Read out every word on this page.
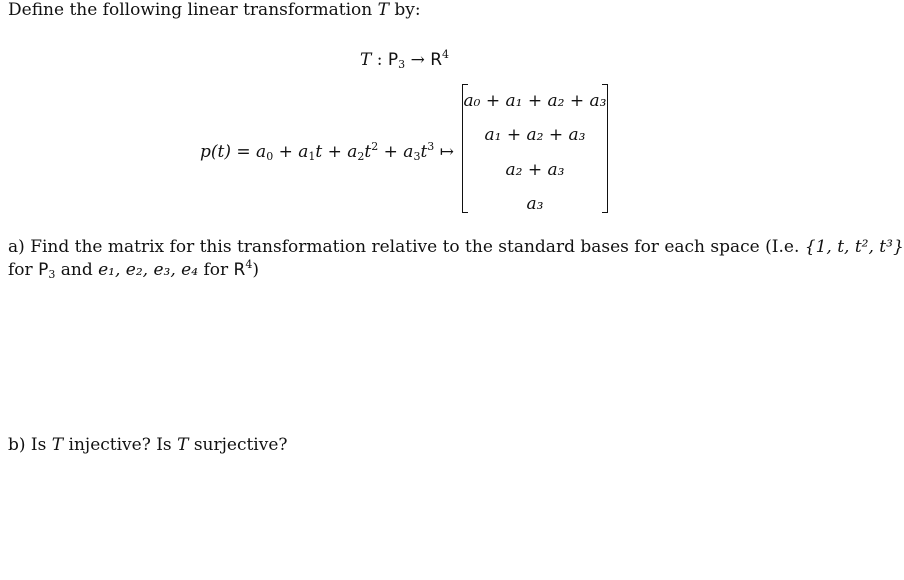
Define the following linear transformation T by:
T : $P_3 \to R^4$
$p(t) = a_0 + a_1t + a_2t^2 + a_3t^3$ ↦
a₀ + a₁ + a₂ + a₃
a₁ + a₂ + a₃
a₂ + a₃
a₃
a) Find the matrix for this transformation relative to the standard bases for each space (I.e. {1, t, t², t³}
for $P_3$ and e₁, e₂, e₃, e₄ for $R^4$)
b) Is T injective? Is T surjective?
